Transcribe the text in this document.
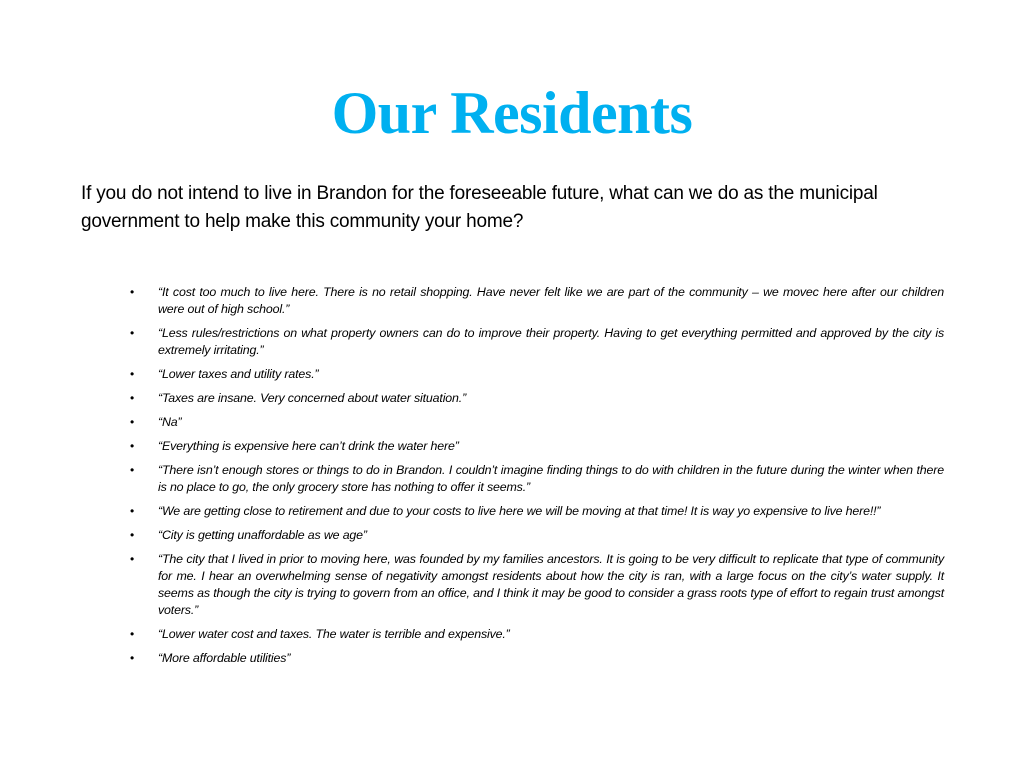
Our Residents
If you do not intend to live in Brandon for the foreseeable future, what can we do as the municipal government to help make this community your home?
• “It cost too much to live here. There is no retail shopping. Have never felt like we are part of the community – we movec here after our children were out of high school.”
• “Less rules/restrictions on what property owners can do to improve their property. Having to get everything permitted and approved by the city is extremely irritating.”
• “Lower taxes and utility rates.”
• “Taxes are insane. Very concerned about water situation.”
• “Na”
• “Everything is expensive here can’t drink the water here”
• “There isn’t enough stores or things to do in Brandon. I couldn’t imagine finding things to do with children in the future during the winter when there is no place to go, the only grocery store has nothing to offer it seems.”
• “We are getting close to retirement and due to your costs to live here we will be moving at that time! It is way yo expensive to live here!!”
• “City is getting unaffordable as we age”
• “The city that I lived in prior to moving here, was founded by my families ancestors. It is going to be very difficult to replicate that type of community for me. I hear an overwhelming sense of negativity amongst residents about how the city is ran, with a large focus on the city’s water supply. It seems as though the city is trying to govern from an office, and I think it may be good to consider a grass roots type of effort to regain trust amongst voters.”
• “Lower water cost and taxes. The water is terrible and expensive.”
• “More affordable utilities”
